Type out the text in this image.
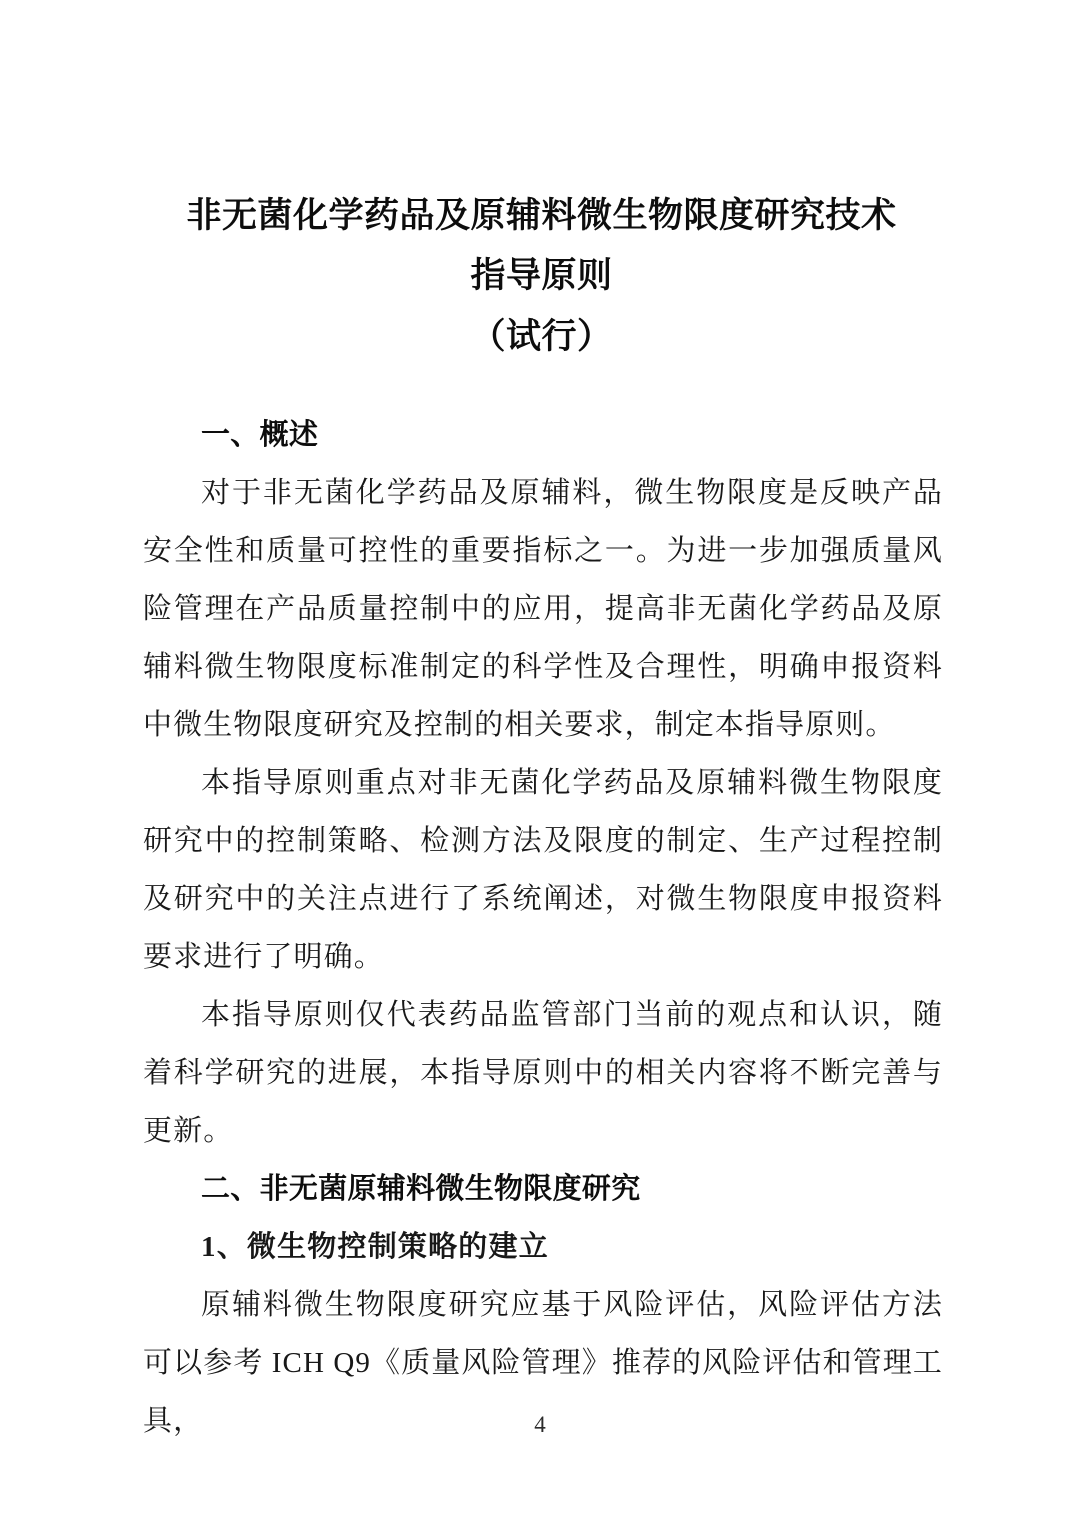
非无菌化学药品及原辅料微生物限度研究技术
指导原则
（试行）
一、概述

对于非无菌化学药品及原辅料，微生物限度是反映产品安全性和质量可控性的重要指标之一。为进一步加强质量风险管理在产品质量控制中的应用，提高非无菌化学药品及原辅料微生物限度标准制定的科学性及合理性，明确申报资料中微生物限度研究及控制的相关要求，制定本指导原则。

本指导原则重点对非无菌化学药品及原辅料微生物限度研究中的控制策略、检测方法及限度的制定、生产过程控制及研究中的关注点进行了系统阐述，对微生物限度申报资料要求进行了明确。

本指导原则仅代表药品监管部门当前的观点和认识，随着科学研究的进展，本指导原则中的相关内容将不断完善与更新。

二、非无菌原辅料微生物限度研究
1、微生物控制策略的建立

原辅料微生物限度研究应基于风险评估，风险评估方法可以参考 ICH Q9《质量风险管理》推荐的风险评估和管理工具，	4
